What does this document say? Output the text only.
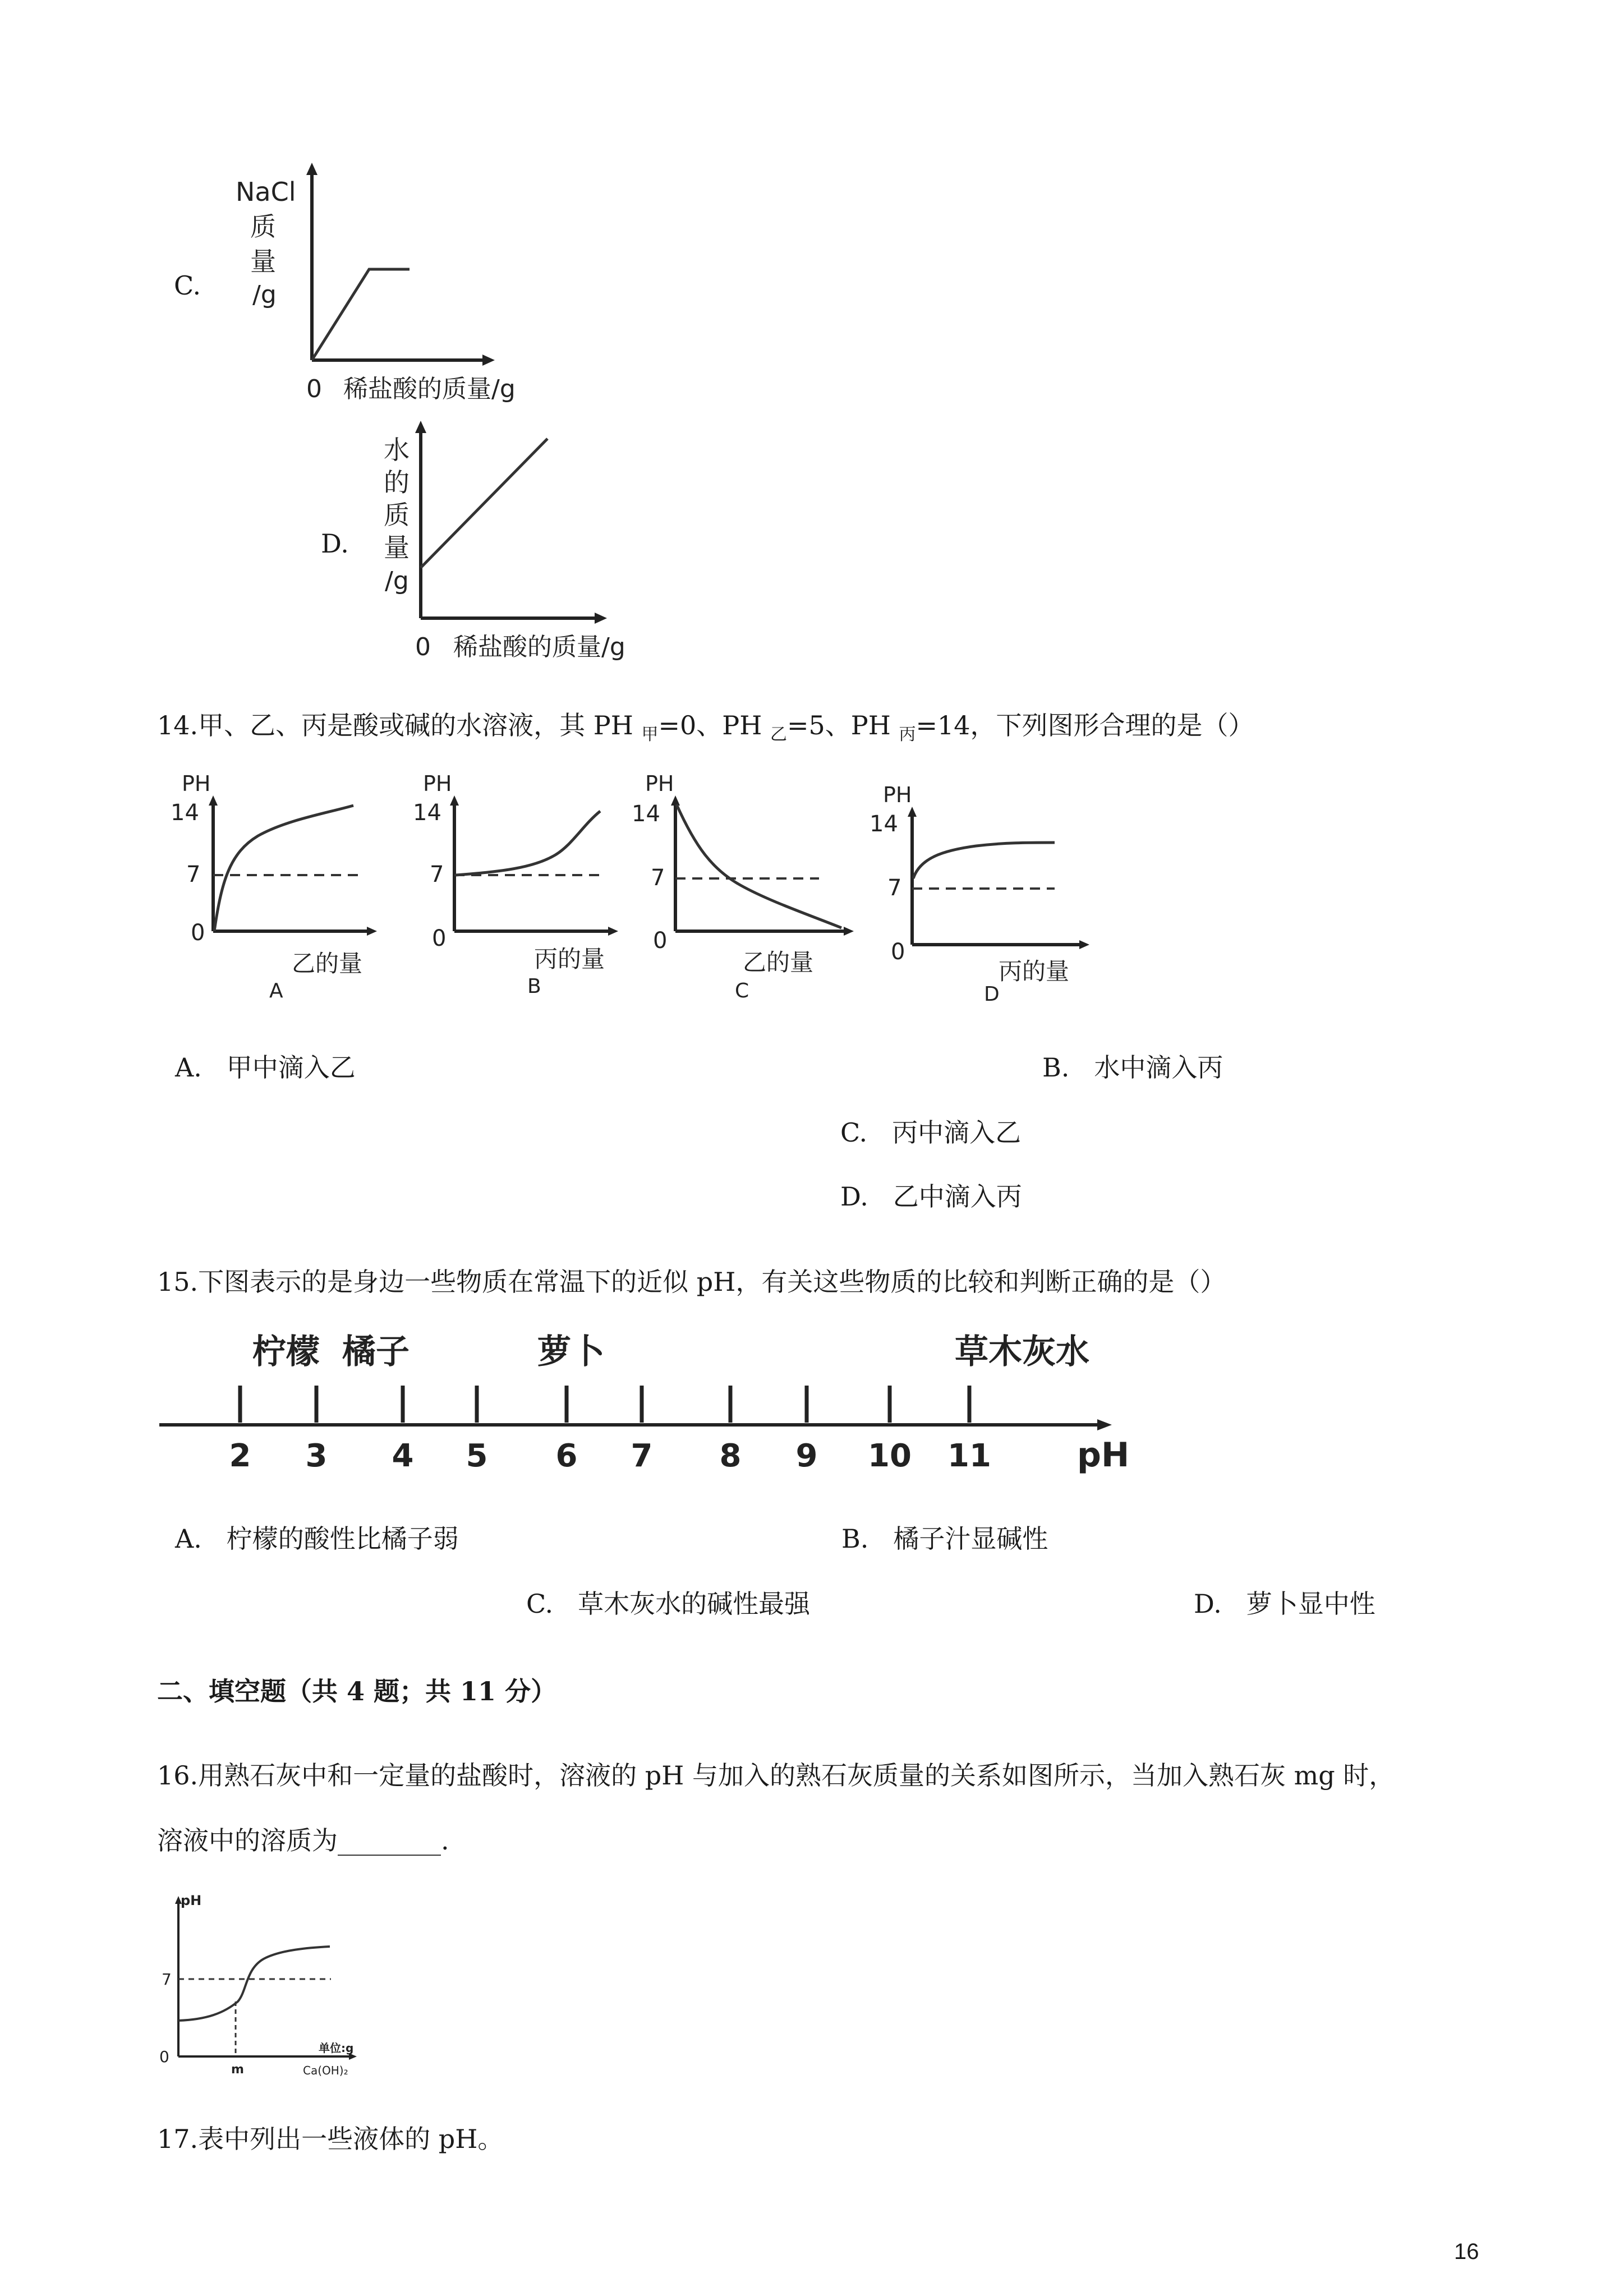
C.
NaCl
质
量
/g
0 稀盐酸的质量/g
D.
水
的
质
量
/g
0 稀盐酸的质量/g
14.甲、乙、丙是酸或碱的水溶液，其 PH $_甲$=0、PH $_乙$=5、PH $_丙$=14，下列图形合理的是（）
PH
14
7
0
乙的量
A
PH
14
7
0
丙的量
B
PH
14
7
0
乙的量
C
PH
14
7
0
丙的量
D
A. 甲中滴入乙	B. 水中滴入丙
C. 丙中滴入乙
D. 乙中滴入丙
15.下图表示的是身边一些物质在常温下的近似 pH，有关这些物质的比较和判断正确的是（）
2 3 4 5 6 7 8 9 10 11
柠檬 橘子	萝卜	草木灰水
pH
A. 柠檬的酸性比橘子弱	B. 橘子汁显碱性
C. 草木灰水的碱性最强	D. 萝卜显中性
二、填空题（共 4 题；共 11 分）
16.用熟石灰中和一定量的盐酸时，溶液的 pH 与加入的熟石灰质量的关系如图所示，当加入熟石灰 mg 时，
溶液中的溶质为________.
pH
7
0
m
单位:g
Ca(OH)₂
17.表中列出一些液体的 pH。
16
